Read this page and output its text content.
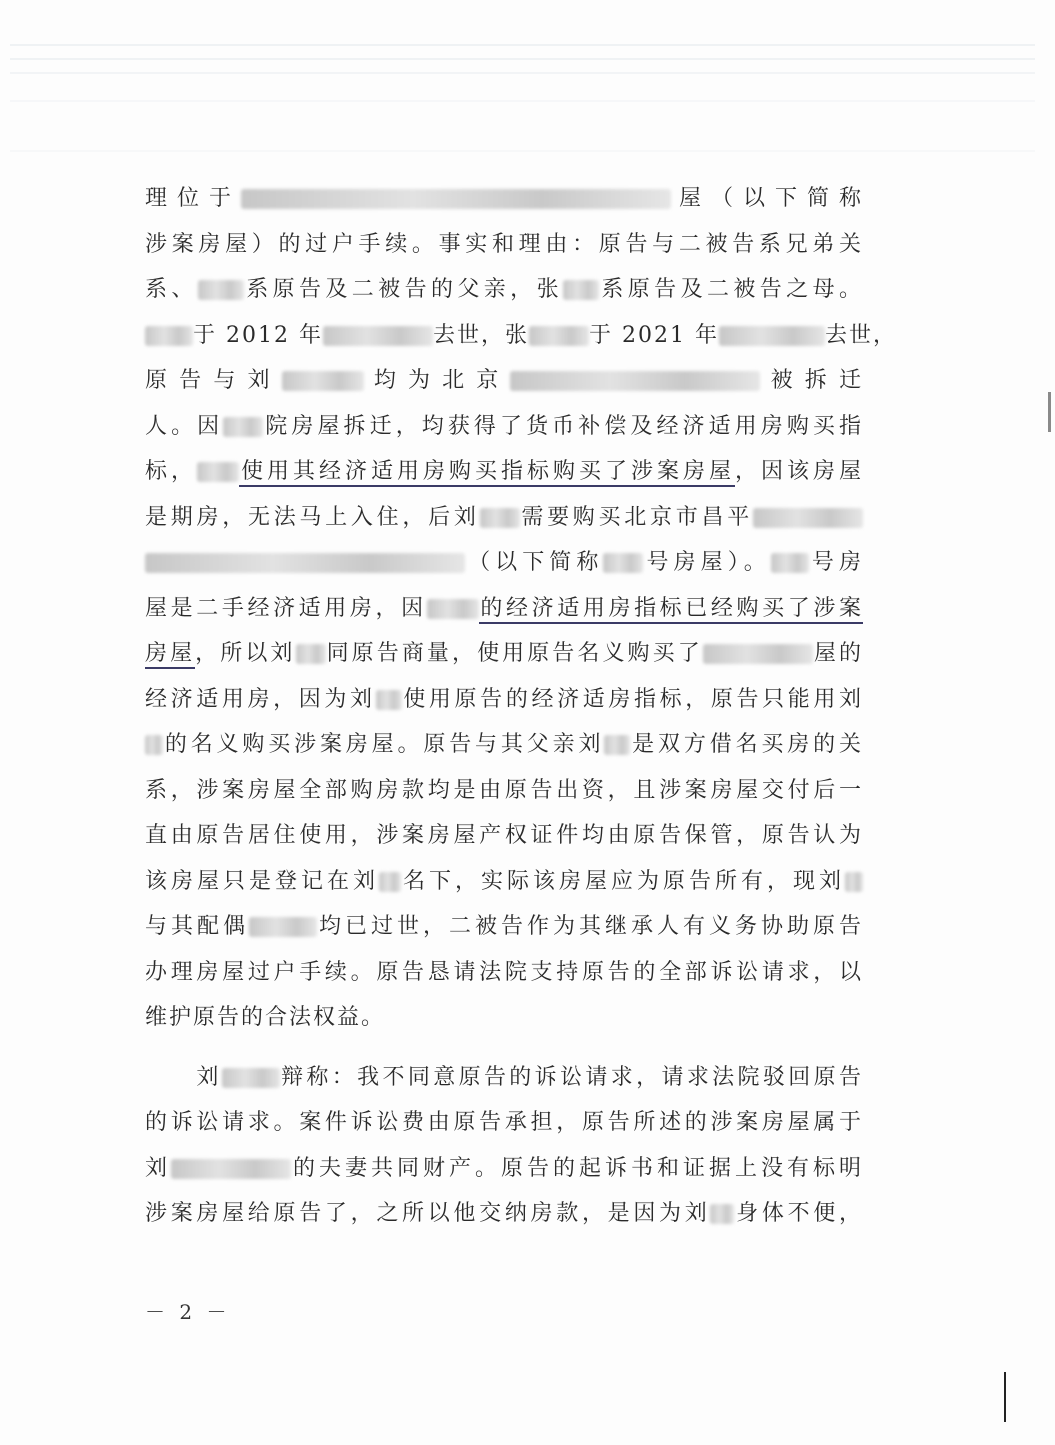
理位于	屋（以下简称
涉案房屋）的过户手续。事实和理由：原告与二被告系兄弟关
系、 系原告及二被告的父亲，张 系原告及二被告之母。
于 2012 年	去世，张	于 2021 年	去世，
原告与刘	均为北京	被拆迁
人。因 院房屋拆迁，均获得了货币补偿及经济适用房购买指
标， 使用其经济适用房购买指标购买了涉案房屋，因该房屋
是期房，无法马上入住，后刘 需要购买北京市昌平
（以下简称 号房屋）。 号房
屋是二手经济适用房，因 的经济适用房指标已经购买了涉案
房屋，所以刘 同原告商量，使用原告名义购买了	屋的
经济适用房，因为刘 使用原告的经济适房指标，原告只能用刘
的名义购买涉案房屋。原告与其父亲刘 是双方借名买房的关
系，涉案房屋全部购房款均是由原告出资，且涉案房屋交付后一
直由原告居住使用，涉案房屋产权证件均由原告保管，原告认为
该房屋只是登记在刘 名下，实际该房屋应为原告所有，现刘
与其配偶	均已过世，二被告作为其继承人有义务协助原告
办理房屋过户手续。原告恳请法院支持原告的全部诉讼请求，以
维护原告的合法权益。
刘	辩称：我不同意原告的诉讼请求，请求法院驳回原告
的诉讼请求。案件诉讼费由原告承担，原告所述的涉案房屋属于
刘	的夫妻共同财产。原告的起诉书和证据上没有标明
涉案房屋给原告了，之所以他交纳房款，是因为刘 身体不便，
－ 2 －
